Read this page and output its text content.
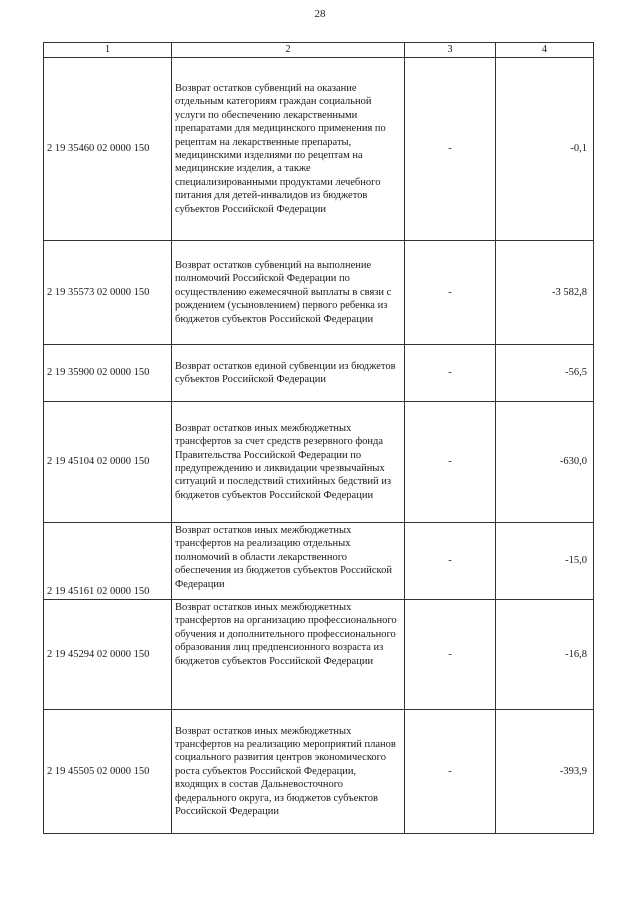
28
1	2	3	4
2 19 35460 02 0000 150	Возврат остатков субвенций на оказание отдельным категориям граждан социальной услуги по обеспечению лекарственными препаратами для медицинского применения по рецептам на лекарственные препараты, медицинскими изделиями по рецептам на медицинские изделия, а также специализированными продуктами лечебного питания для детей-инвалидов из бюджетов субъектов Российской Федерации	-	-0,1
2 19 35573 02 0000 150	Возврат остатков субвенций на выполнение полномочий Российской Федерации по осуществлению ежемесячной выплаты в связи с рождением (усыновлением) первого ребенка из бюджетов субъектов Российской Федерации	-	-3 582,8
2 19 35900 02 0000 150	Возврат остатков единой субвенции из бюджетов субъектов Российской Федерации	-	-56,5
2 19 45104 02 0000 150	Возврат остатков иных межбюджетных трансфертов за счет средств резервного фонда Правительства Российской Федерации по предупреждению и ликвидации чрезвычайных ситуаций и последствий стихийных бедствий из бюджетов субъектов Российской Федерации	-	-630,0
2 19 45161 02 0000 150	Возврат остатков иных межбюджетных трансфертов на реализацию отдельных полномочий в области лекарственного обеспечения из бюджетов субъектов Российской Федерации	-	-15,0
2 19 45294 02 0000 150	Возврат остатков иных межбюджетных трансфертов на организацию профессионального обучения и дополнительного профессионального образования лиц предпенсионного возраста из бюджетов субъектов Российской Федерации	-	-16,8
2 19 45505 02 0000 150	Возврат остатков иных межбюджетных трансфертов на реализацию мероприятий планов социального развития центров экономического роста субъектов Российской Федерации, входящих в состав Дальневосточного федерального округа, из бюджетов субъектов Российской Федерации	-	-393,9
